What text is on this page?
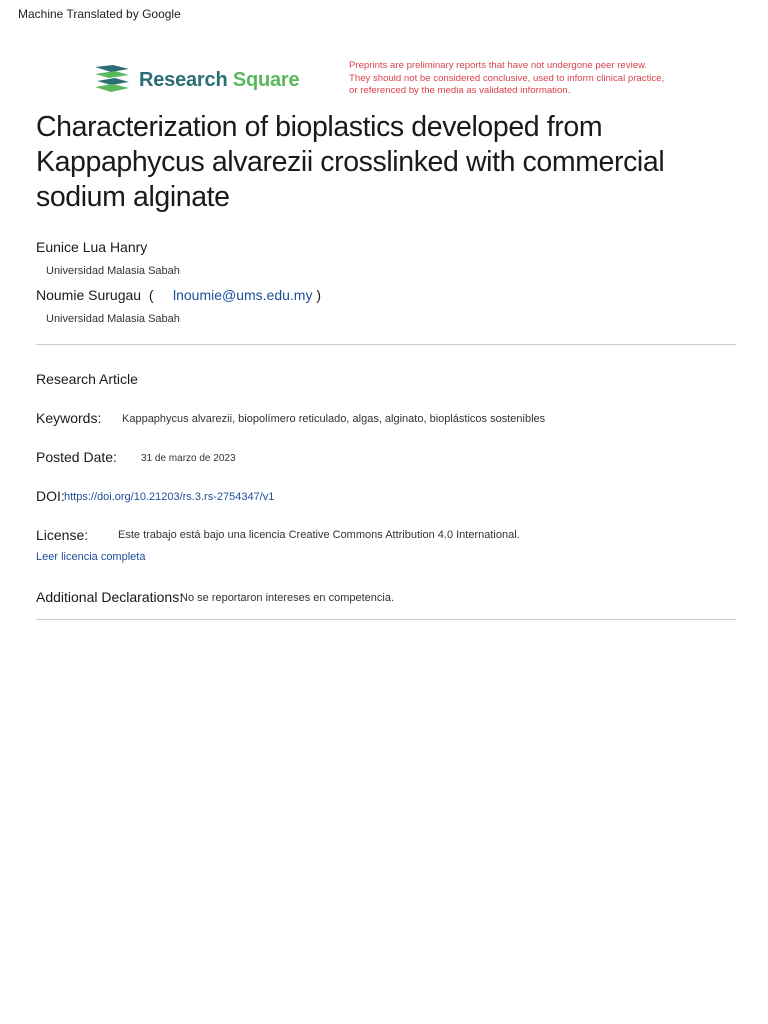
Machine Translated by Google
Research Square
Preprints are preliminary reports that have not undergone peer review.
They should not be considered conclusive, used to inform clinical practice,
or referenced by the media as validated information.
Characterization of bioplastics developed from
Kappaphycus alvarezii crosslinked with commercial
sodium alginate
Eunice Lua Hanry
Universidad Malasia Sabah
Noumie Surugau ( lnoumie@ums.edu.my )
Universidad Malasia Sabah
Research Article
Keywords: Kappaphycus alvarezii, biopolímero reticulado, algas, alginato, bioplásticos sostenibles
Posted Date: 31 de marzo de 2023
DOI: https://doi.org/10.21203/rs.3.rs-2754347/v1
License:	Este trabajo está bajo una licencia Creative Commons Attribution 4.0 International.
Leer licencia completa
No se reportaron intereses en competencia.
Additional Declarations:
